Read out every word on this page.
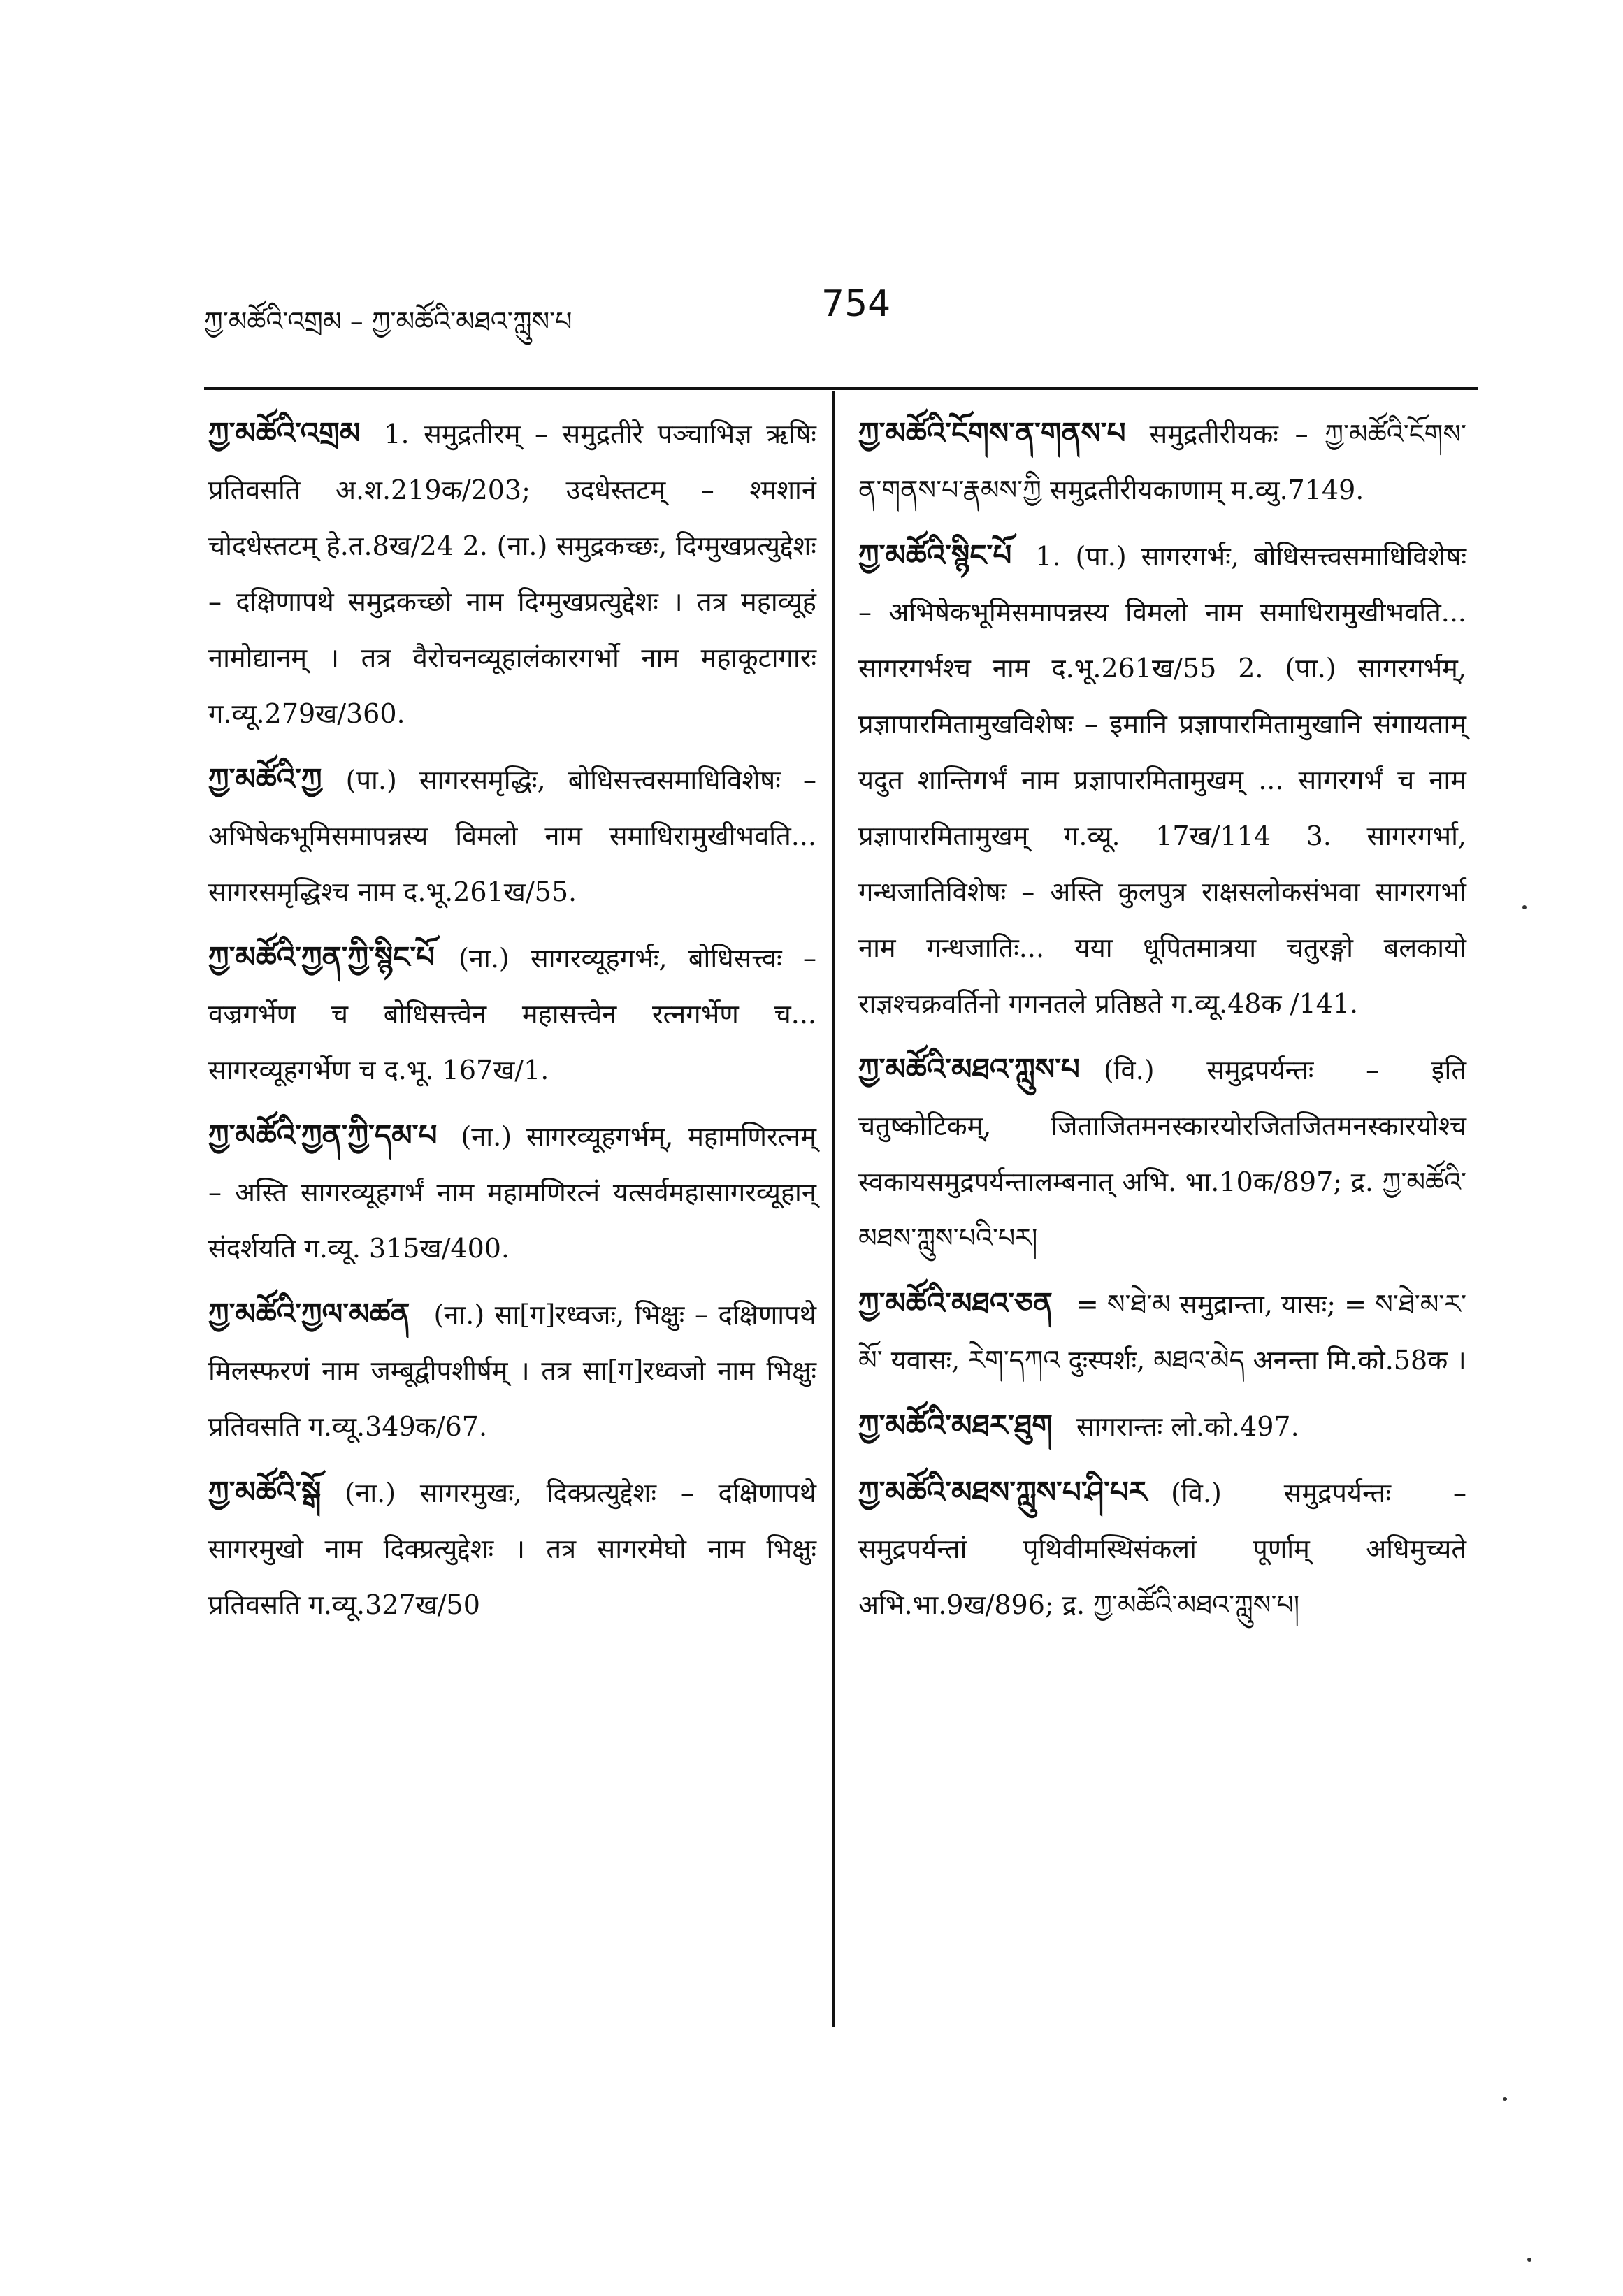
ཀྱ་མཚོའི་འགྲམ – ཀྱ་མཚོའི་མཐའ་ཀླུས་པ	754

ཀྱ་མཚོའི་འགྲམ 1. समुद्रतीरम् – समुद्रतीरे पञ्चाभिज्ञ ऋषिः प्रतिवसति अ.श.219क/203; उदधेस्तटम् – श्मशानं चोदधेस्तटम् हे.त.8ख/24 2. (ना.) समुद्रकच्छः, दिग्मुखप्रत्युद्देशः – दक्षिणापथे समुद्रकच्छो नाम दिग्मुखप्रत्युद्देशः । तत्र महाव्यूहं नामोद्यानम् । तत्र वैरोचनव्यूहालंकारगर्भो नाम महाकूटागारः ग.व्यू.279ख/360.

ཀྱ་མཚོའི་ཀྱ (पा.) सागरसमृद्धिः, बोधिसत्त्वसमाधिविशेषः – अभिषेकभूमिसमापन्नस्य विमलो नाम समाधिरामुखीभवति... सागरसमृद्धिश्च नाम द.भू.261ख/55.

ཀྱ་མཚོའི་ཀྱན་ཀྱི་སྙིང་པོ (ना.) सागरव्यूहगर्भः, बोधिसत्त्वः – वज्रगर्भेण च बोधिसत्त्वेन महासत्त्वेन रत्नगर्भेण च... सागरव्यूहगर्भेण च द.भू. 167ख/1.

ཀྱ་མཚོའི་ཀྱན་ཀྱི་དམ་པ (ना.) सागरव्यूहगर्भम्, महामणिरत्नम् – अस्ति सागरव्यूहगर्भं नाम महामणिरत्नं यत्सर्वमहासागरव्यूहान् संदर्शयति ग.व्यू. 315ख/400.

ཀྱ་མཚོའི་ཀྱལ་མཚན (ना.) सा[ग]रध्वजः, भिक्षुः – दक्षिणापथे मिलस्फरणं नाम जम्बूद्वीपशीर्षम् । तत्र सा[ग]रध्वजो नाम भिक्षुः प्रतिवसति ग.व्यू.349क/67.

ཀྱ་མཚོའི་སྒོ (ना.) सागरमुखः, दिक्प्रत्युद्देशः – दक्षिणापथे सागरमुखो नाम दिक्प्रत्युद्देशः । तत्र सागरमेघो नाम भिक्षुः प्रतिवसति ग.व्यू.327ख/50

ཀྱ་མཚོའི་ངོགས་ན་གནས་པ समुद्रतीरीयकः – ཀྱ་མཚོའི་ངོགས་ན་གནས་པ་རྣམས་ཀྱི समुद्रतीरीयकाणाम् म.व्यु.7149.

ཀྱ་མཚོའི་སྙིང་པོ 1. (पा.) सागरगर्भः, बोधिसत्त्वसमाधिविशेषः – अभिषेकभूमिसमापन्नस्य विमलो नाम समाधिरामुखीभवति... सागरगर्भश्च नाम द.भू.261ख/55 2. (पा.) सागरगर्भम्, प्रज्ञापारमितामुखविशेषः – इमानि प्रज्ञापारमितामुखानि संगायताम् यदुत शान्तिगर्भं नाम प्रज्ञापारमितामुखम् ... सागरगर्भं च नाम प्रज्ञापारमितामुखम् ग.व्यू. 17ख/114 3. सागरगर्भा, गन्धजातिविशेषः – अस्ति कुलपुत्र राक्षसलोकसंभवा सागरगर्भा नाम गन्धजातिः... यया धूपितमात्रया चतुरङ्गो बलकायो राज्ञश्चक्रवर्तिनो गगनतले प्रतिष्ठते ग.व्यू.48क /141.

ཀྱ་མཚོའི་མཐའ་ཀླུས་པ (वि.) समुद्रपर्यन्तः – इति चतुष्कोटिकम्, जिताजितमनस्कारयोरजितजितमनस्कारयोश्च स्वकायसमुद्रपर्यन्तालम्बनात् अभि. भा.10क/897; द्र. ཀྱ་མཚོའི་མཐས་ཀླུས་པའི་པར།

ཀྱ་མཚོའི་མཐའ་ཅན = ས་ཐེ་མ समुद्रान्ता, यासः; = ས་ཐེ་མ་ར་མོ་ यवासः, རེག་དཀའ दुःस्पर्शः, མཐའ་མེད अनन्ता मि.को.58क ।

ཀྱ་མཚོའི་མཐར་ཐུག सागरान्तः लो.को.497.

ཀྱ་མཚོའི་མཐས་ཀླུས་པ་ཤི་པར (वि.) समुद्रपर्यन्तः – समुद्रपर्यन्तां पृथिवीमस्थिसंकलां पूर्णाम् अधिमुच्यते अभि.भा.9ख/896; द्र. ཀྱ་མཚོའི་མཐའ་ཀླུས་པ།
